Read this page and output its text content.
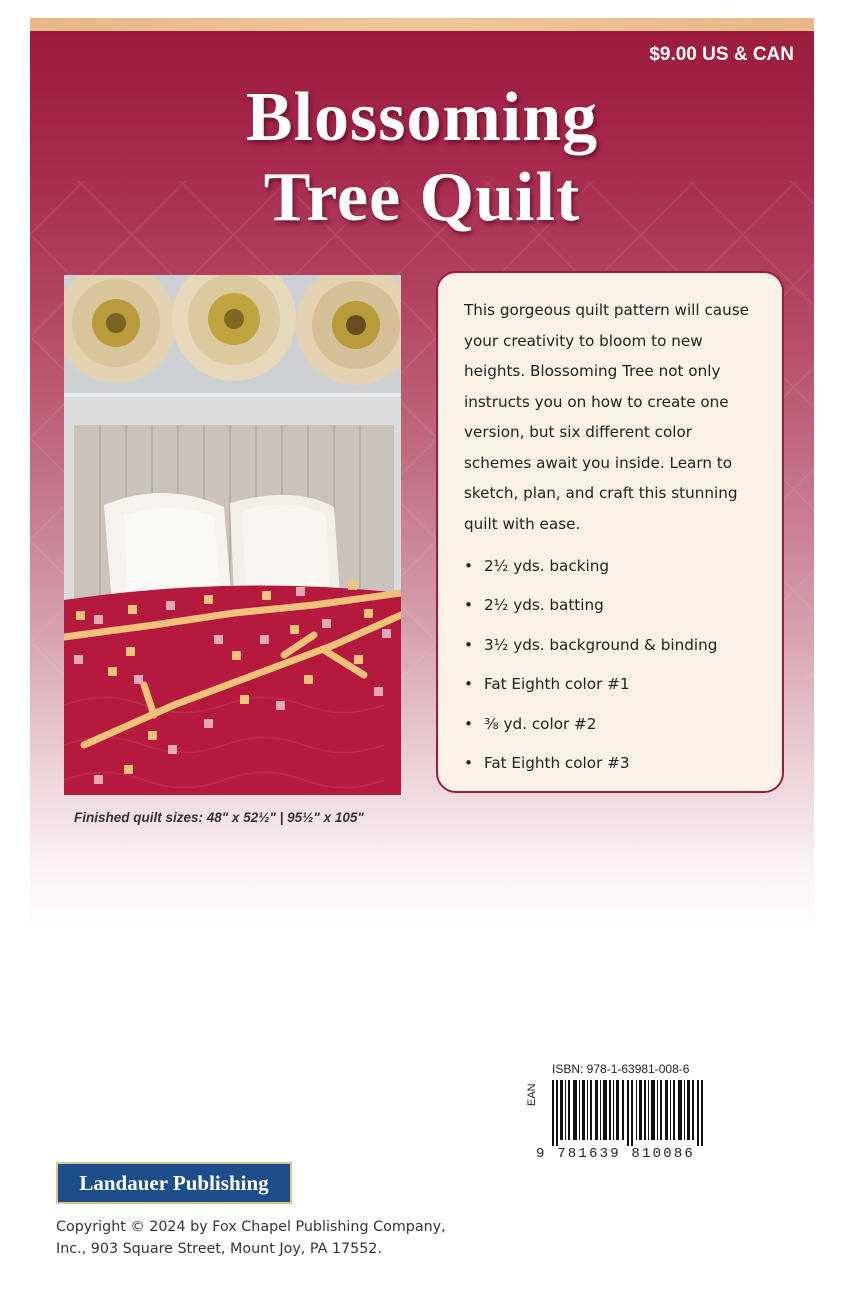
$9.00 US & CAN
Blossoming
Tree Quilt
Finished quilt sizes: 48" x 52½" | 95½" x 105"

This gorgeous quilt pattern will cause your creativity to bloom to new heights. Blossoming Tree not only instructs you on how to create one version, but six different color schemes await you inside. Learn to sketch, plan, and craft this stunning quilt with ease.

• 2½ yds. backing
• 2½ yds. batting
• 3½ yds. background & binding
• Fat Eighth color #1
• ⅜ yd. color #2
• Fat Eighth color #3
ISBN: 978-1-63981-008-6
EAN
9 781639 810086
Landauer Publishing
Copyright © 2024 by Fox Chapel Publishing Company, Inc., 903 Square Street, Mount Joy, PA 17552.
